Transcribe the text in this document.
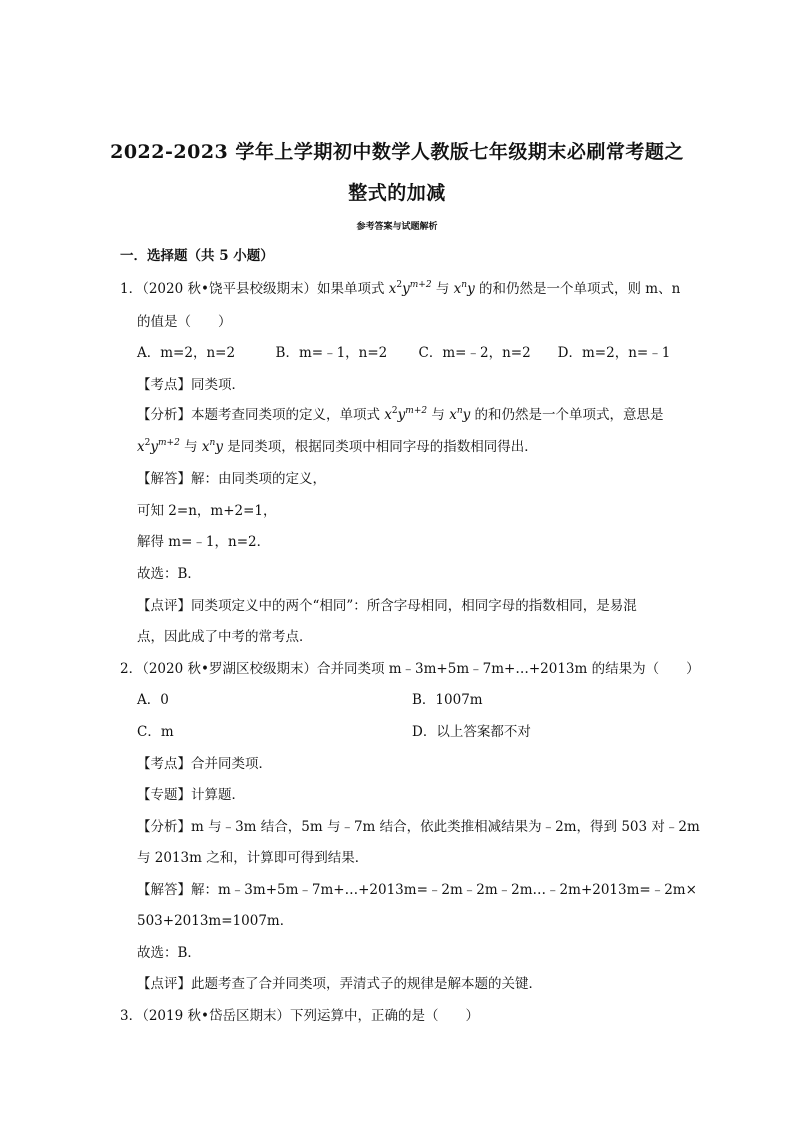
2022-2023 学年上学期初中数学人教版七年级期末必刷常考题之
整式的加减
参考答案与试题解析
一．选择题（共 5 小题）
1．（2020 秋•饶平县校级期末）如果单项式 $x^2y^{m+2}$ 与 $x^ny$ 的和仍然是一个单项式，则 m、n
的值是（　　）
A．m=2，n=2　　　B．m=﹣1，n=2　　 C．m=﹣2，n=2　　D．m=2，n=﹣1
【考点】同类项．
【分析】本题考查同类项的定义，单项式 $x^2y^{m+2}$ 与 $x^ny$ 的和仍然是一个单项式，意思是
$x^2y^{m+2}$ 与 $x^ny$ 是同类项，根据同类项中相同字母的指数相同得出．
【解答】解：由同类项的定义，
可知 2=n，m+2=1，
解得 m=﹣1，n=2．
故选：B．
【点评】同类项定义中的两个“相同”：所含字母相同，相同字母的指数相同，是易混
点，因此成了中考的常考点．
2．（2020 秋•罗湖区校级期末）合并同类项 m﹣3m+5m﹣7m+…+2013m 的结果为（　　）
A．0	B．1007m
C．m	D．以上答案都不对
【考点】合并同类项．
【专题】计算题．
【分析】m 与﹣3m 结合，5m 与﹣7m 结合，依此类推相减结果为﹣2m，得到 503 对﹣2m
与 2013m 之和，计算即可得到结果．
【解答】解：m﹣3m+5m﹣7m+…+2013m=﹣2m﹣2m﹣2m…﹣2m+2013m=﹣2m×
503+2013m=1007m．
故选：B．
【点评】此题考查了合并同类项，弄清式子的规律是解本题的关键．
3．（2019 秋•岱岳区期末）下列运算中，正确的是（　　）
